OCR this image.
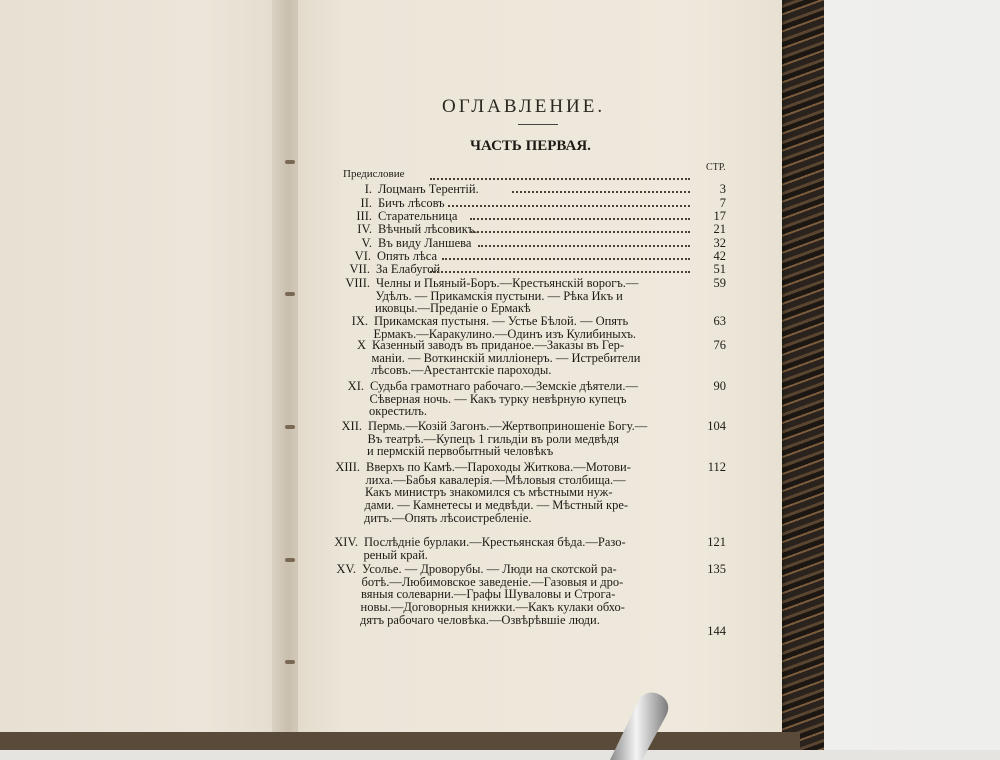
ОГЛАВЛЕНИЕ.
ЧАСТЬ ПЕРВАЯ.
СТР.
Предисловие
I. Лоцманъ Терентій.	3
II. Бичъ лѣсовъ	7
III. Старательница	17
IV. Вѣчный лѣсовикъ.	21
V. Въ виду Ланшева	32
VI. Опять лѣса	42
VII. За Елабугой	51
VIII. Челны и Пьяный-Боръ.—Крестьянскій ворогъ.—
Удѣлъ. — Прикамскія пустыни. — Рѣка Икъ и
иковцы.—Преданіе о Ермакѣ
59
IX. Прикамская пустыня. — Устье Бѣлой. — Опять
Ермакъ.—Каракулино.—Одинъ изъ Кулибиныхъ.
63
X Казенный заводъ въ приданое.—Заказы въ Гер-
маніи. — Воткинскій милліонеръ. — Истребители
лѣсовъ.—Арестантскіе пароходы.
76
XI. Судьба грамотнаго рабочаго.—Земскіе дѣятели.—
Сѣверная ночь. — Какъ турку невѣрную купецъ
окрестилъ.
90
XII. Пермь.—Козій Загонъ.—Жертвоприношеніе Богу.—
Въ театрѣ.—Купецъ 1 гильдіи въ роли медвѣдя
и пермскій первобытный человѣкъ
104
XIII. Вверхъ по Камѣ.—Пароходы Житкова.—Мотови-
лиха.—Бабья кавалерія.—Мѣловыя столбища.—
Какъ министръ знакомился съ мѣстными нуж-
дами. — Камнетесы и медвѣди. — Мѣстный кре-
дитъ.—Опять лѣсоистребленіе.
112
XIV. Послѣдніе бурлаки.—Крестьянская бѣда.—Разо-
реный край.
121
XV. Усолье. — Дроворубы. — Люди на скотской ра-
ботѣ.—Любимовское заведеніе.—Газовыя и дро-
вяныя солеварни.—Графы Шуваловы и Строга-
новы.—Договорныя книжки.—Какъ кулаки обхо-
дятъ рабочаго человѣка.—Озвѣрѣвшіе люди.
135
144
